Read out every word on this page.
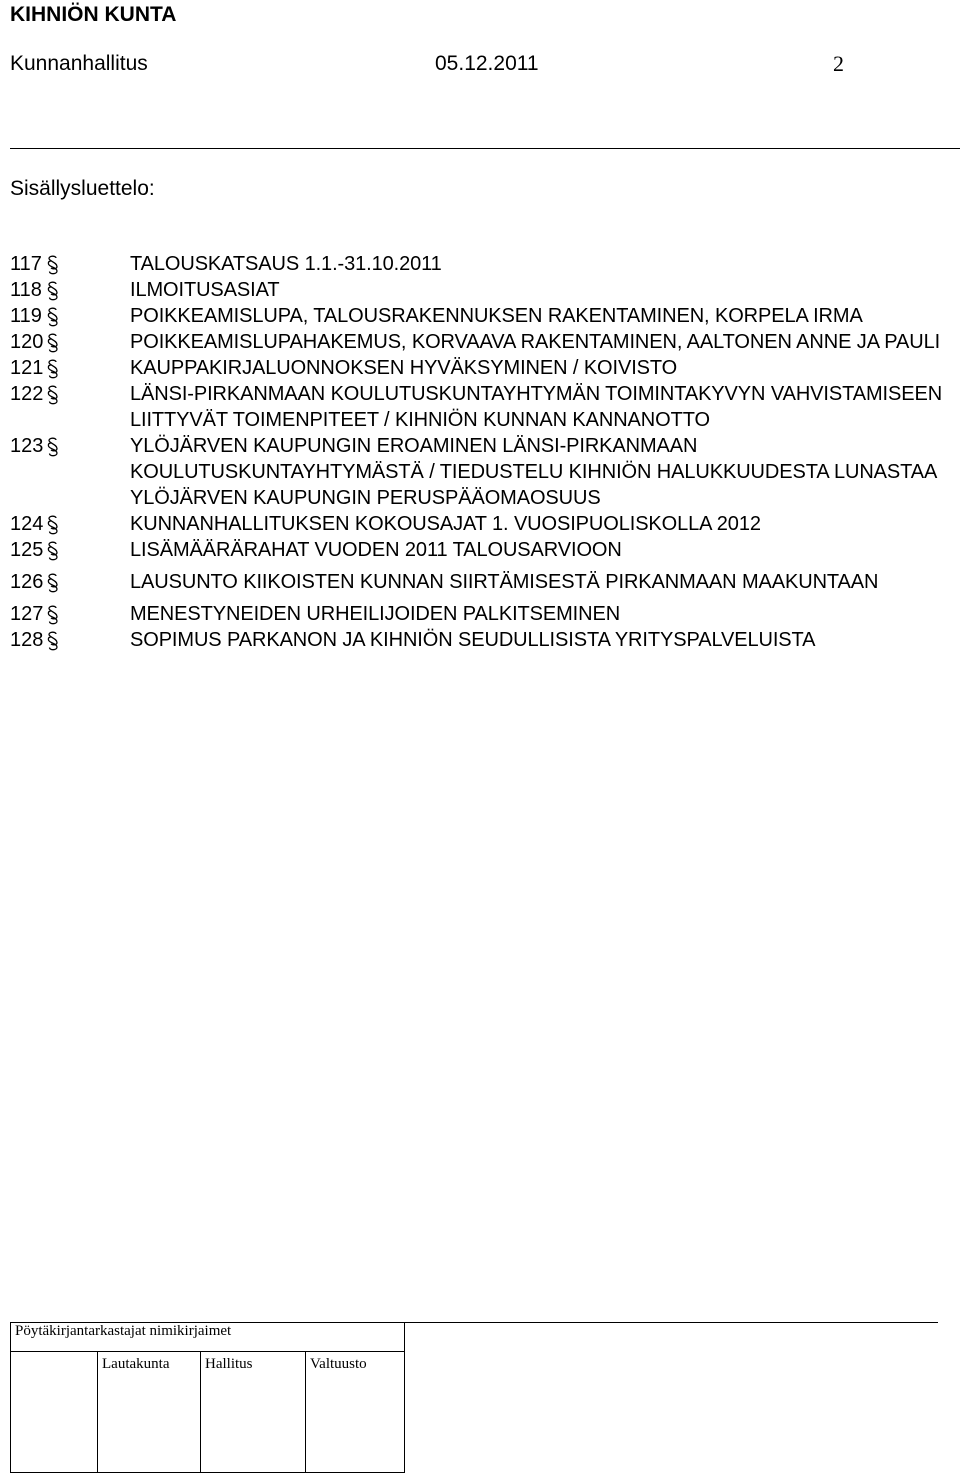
KIHNIÖN KUNTA
Kunnanhallitus	05.12.2011	2
Sisällysluettelo:
117	TALOUSKATSAUS 1.1.-31.10.2011
118	ILMOITUSASIAT
119	POIKKEAMISLUPA, TALOUSRAKENNUKSEN RAKENTAMINEN, KORPELA IRMA
120	POIKKEAMISLUPAHAKEMUS, KORVAAVA RAKENTAMINEN, AALTONEN ANNE JA PAULI
121	KAUPPAKIRJALUONNOKSEN HYVÄKSYMINEN / KOIVISTO
122	LÄNSI-PIRKANMAAN KOULUTUSKUNTAYHTYMÄN TOIMINTAKYVYN VAHVISTAMISEEN LIITTYVÄT TOIMENPITEET / KIHNIÖN KUNNAN KANNANOTTO
123	YLÖJÄRVEN KAUPUNGIN EROAMINEN LÄNSI-PIRKANMAAN KOULUTUSKUNTAYHTYMÄSTÄ / TIEDUSTELU KIHNIÖN HALUKKUUDESTA LUNASTAA YLÖJÄRVEN KAUPUNGIN PERUSPÄÄOMAOSUUS
124	KUNNANHALLITUKSEN KOKOUSAJAT 1. VUOSIPUOLISKOLLA 2012
125	LISÄMÄÄRÄRAHAT VUODEN 2011 TALOUSARVIOON
126	LAUSUNTO KIIKOISTEN KUNNAN SIIRTÄMISESTÄ PIRKANMAAN MAAKUNTAAN
127	MENESTYNEIDEN URHEILIJOIDEN PALKITSEMINEN
128	SOPIMUS PARKANON JA KIHNIÖN SEUDULLISISTA YRITYSPALVELUISTA
Pöytäkirjantarkastajat nimikirjaimet
	Lautakunta	Hallitus	Valtuusto
